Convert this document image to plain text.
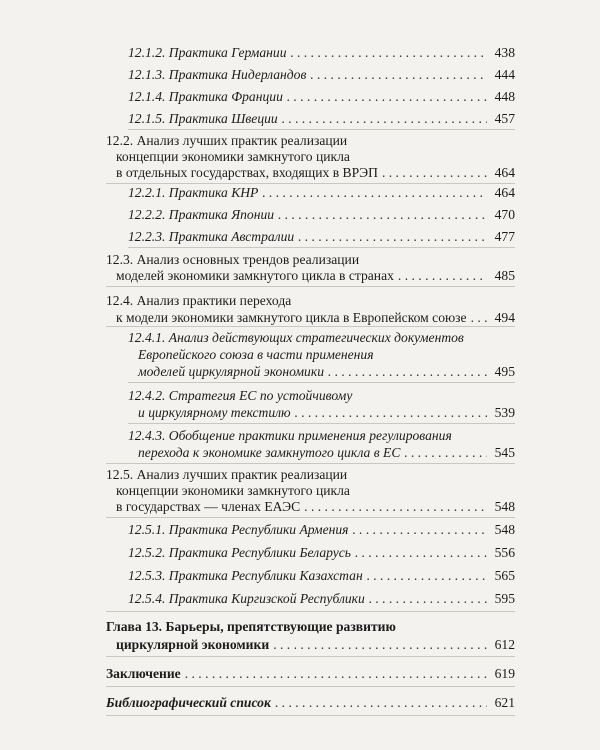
12.1.2. Практика Германии . . .	438
12.1.3. Практика Нидерландов . . .	444
12.1.4. Практика Франции . . .	448
12.1.5. Практика Швеции . . .	457
12.2. Анализ лучших практик реализации
концепции экономики замкнутого цикла
в отдельных государствах, входящих в ВРЭП . . .	464
12.2.1. Практика КНР . . .	464
12.2.2. Практика Японии . . .	470
12.2.3. Практика Австралии . . .	477
12.3. Анализ основных трендов реализации
моделей экономики замкнутого цикла в странах . . .	485
12.4. Анализ практики перехода
к модели экономики замкнутого цикла в Европейском союзе . . .	494
12.4.1. Анализ действующих стратегических документов
Европейского союза в части применения
моделей циркулярной экономики . . .	495
12.4.2. Стратегия ЕС по устойчивому
и циркулярному текстилю . . .	539
12.4.3. Обобщение практики применения регулирования
перехода к экономике замкнутого цикла в ЕС . . .	545
12.5. Анализ лучших практик реализации
концепции экономики замкнутого цикла
в государствах — членах ЕАЭС . . .	548
12.5.1. Практика Республики Армения . . .	548
12.5.2. Практика Республики Беларусь . . .	556
12.5.3. Практика Республики Казахстан . . .	565
12.5.4. Практика Киргизской Республики . . .	595
Глава 13. Барьеры, препятствующие развитию
циркулярной экономики . . .	612
Заключение . . .	619
Библиографический список . . .	621
